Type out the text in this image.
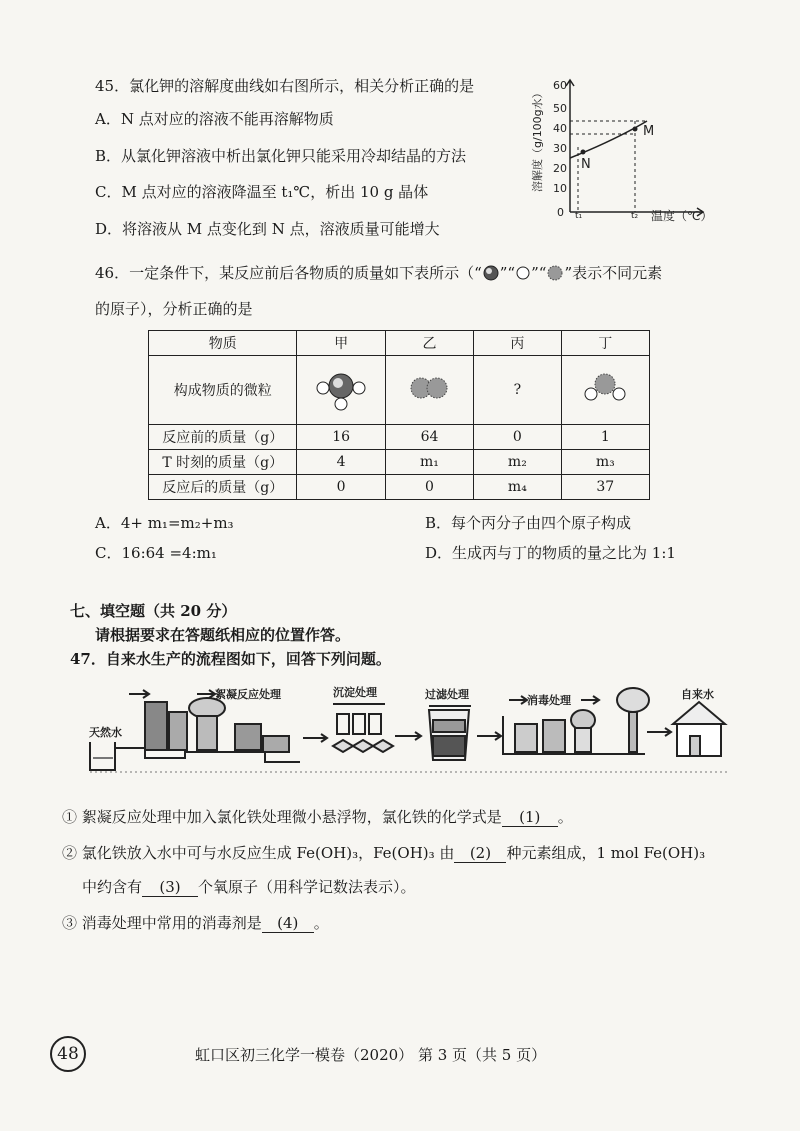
45．氯化钾的溶解度曲线如右图所示，相关分析正确的是
A．N 点对应的溶液不能再溶解物质
B．从氯化钾溶液中析出氯化钾只能采用冷却结晶的方法
C．M 点对应的溶液降温至 t₁℃，析出 10 g 晶体
D．将溶液从 M 点变化到 N 点，溶液质量可能增大
60
50
40
30
20
10
0 t₁	t₂
M
N
温度（℃）
溶解度（g/100g水）
46．一定条件下，某反应前后各物质的质量如下表所示（“ ”“ ”“ ”表示不同元素
的原子），分析正确的是
物质	甲	乙	丙	丁
构成物质的微粒			?	
反应前的质量（g）	16	64	0	1
T 时刻的质量（g）	4	m₁	m₂	m₃
反应后的质量（g）	0	0	m₄	37
A．4+ m₁=m₂+m₃	B．每个丙分子由四个原子构成
C．16:64 =4:m₁	D．生成丙与丁的物质的量之比为 1:1
七、填空题（共 20 分）
请根据要求在答题纸相应的位置作答。
47．自来水生产的流程图如下，回答下列问题。
天然水
絮凝反应处理	沉淀处理	过滤处理	消毒处理	自来水
① 絮凝反应处理中加入氯化铁处理微小悬浮物，氯化铁的化学式是 (1) 。
② 氯化铁放入水中可与水反应生成 Fe(OH)₃，Fe(OH)₃ 由 (2) 种元素组成，1 mol Fe(OH)₃
中约含有 (3) 个氧原子（用科学记数法表示）。
③ 消毒处理中常用的消毒剂是 (4) 。
48	虹口区初三化学一模卷（2020） 第 3 页（共 5 页）
